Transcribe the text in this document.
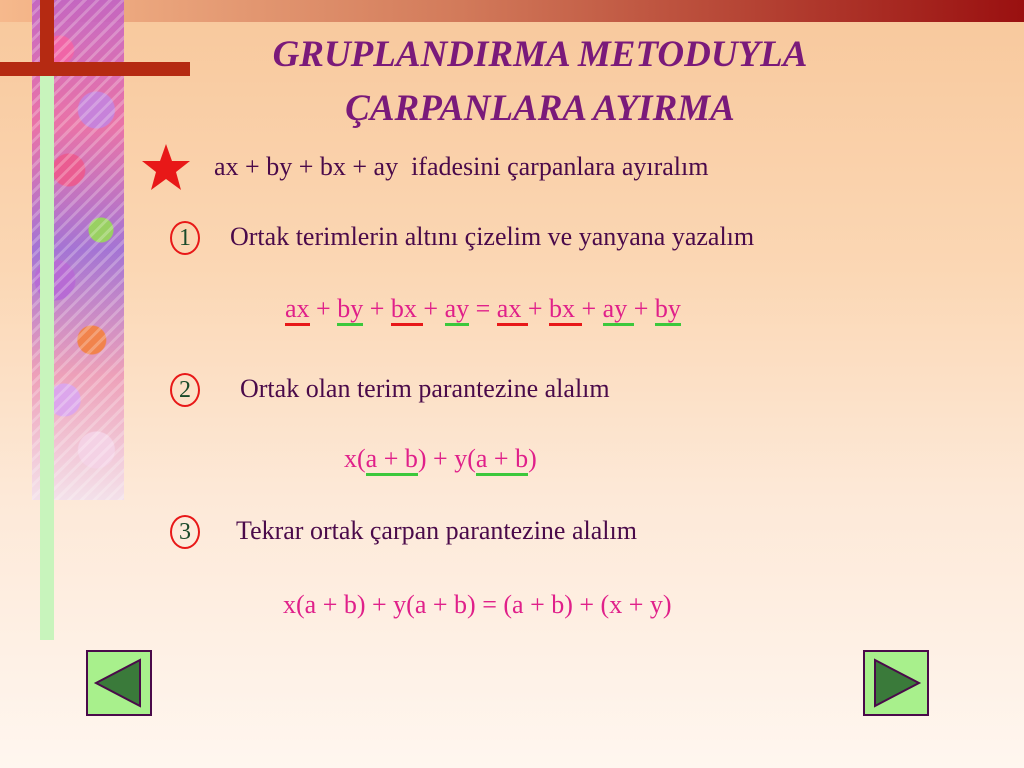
GRUPLANDIRMA METODUYLA
ÇARPANLARA AYIRMA
ax + by + bx + ay  ifadesini çarpanlara ayıralım
1	Ortak terimlerin altını çizelim ve yanyana yazalım
ax + by + bx + ay = ax + bx + ay + by
2	Ortak olan terim parantezine alalım
x(a + b) + y(a + b)
3	Tekrar ortak çarpan parantezine alalım
x(a + b) + y(a + b) = (a + b) + (x + y)
